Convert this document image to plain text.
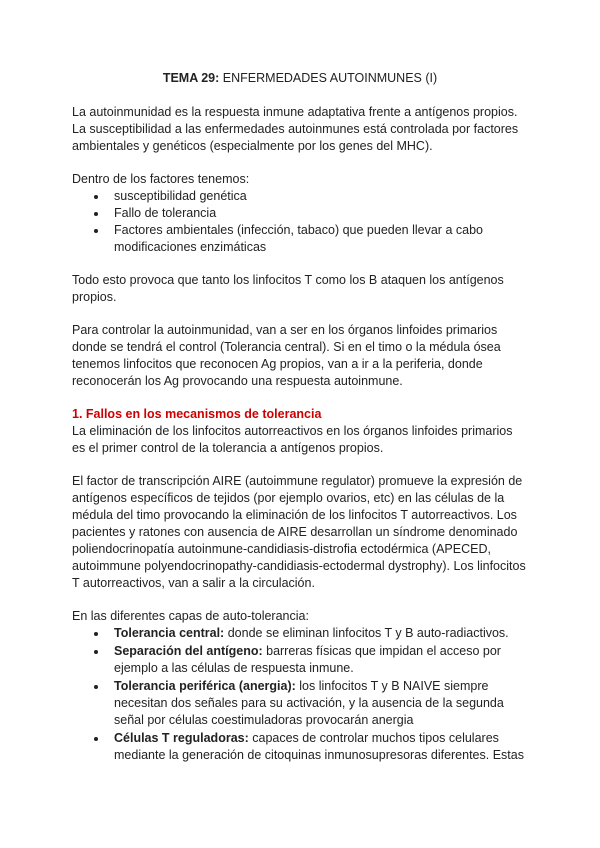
TEMA 29: ENFERMEDADES AUTOINMUNES (I)

La autoinmunidad es la respuesta inmune adaptativa frente a antígenos propios. La susceptibilidad a las enfermedades autoinmunes está controlada por factores ambientales y genéticos (especialmente por los genes del MHC).

Dentro de los factores tenemos:

• susceptibilidad genética
• Fallo de tolerancia
• Factores ambientales (infección, tabaco) que pueden llevar a cabo modificaciones enzimáticas

Todo esto provoca que tanto los linfocitos T como los B ataquen los antígenos propios.

Para controlar la autoinmunidad, van a ser en los órganos linfoides primarios donde se tendrá el control (Tolerancia central). Si en el timo o la médula ósea tenemos linfocitos que reconocen Ag propios, van a ir a la periferia, donde reconocerán los Ag provocando una respuesta autoinmune.

1. Fallos en los mecanismos de tolerancia

La eliminación de los linfocitos autorreactivos en los órganos linfoides primarios es el primer control de la tolerancia a antígenos propios.

El factor de transcripción AIRE (autoimmune regulator) promueve la expresión de antígenos específicos de tejidos (por ejemplo ovarios, etc) en las células de la médula del timo provocando la eliminación de los linfocitos T autorreactivos. Los pacientes y ratones con ausencia de AIRE desarrollan un síndrome denominado poliendocrinopatía autoinmune-candidiasis-distrofia ectodérmica (APECED, autoimmune polyendocrinopathy-candidiasis-ectodermal dystrophy). Los linfocitos T autorreactivos, van a salir a la circulación.

En las diferentes capas de auto-tolerancia:

• Tolerancia central: donde se eliminan linfocitos T y B auto-radiactivos.
• Separación del antígeno: barreras físicas que impidan el acceso por ejemplo a las células de respuesta inmune.
• Tolerancia periférica (anergia): los linfocitos T y B NAIVE siempre necesitan dos señales para su activación, y la ausencia de la segunda señal por células coestimuladoras provocarán anergia
• Células T reguladoras: capaces de controlar muchos tipos celulares mediante la generación de citoquinas inmunosupresoras diferentes. Estas
